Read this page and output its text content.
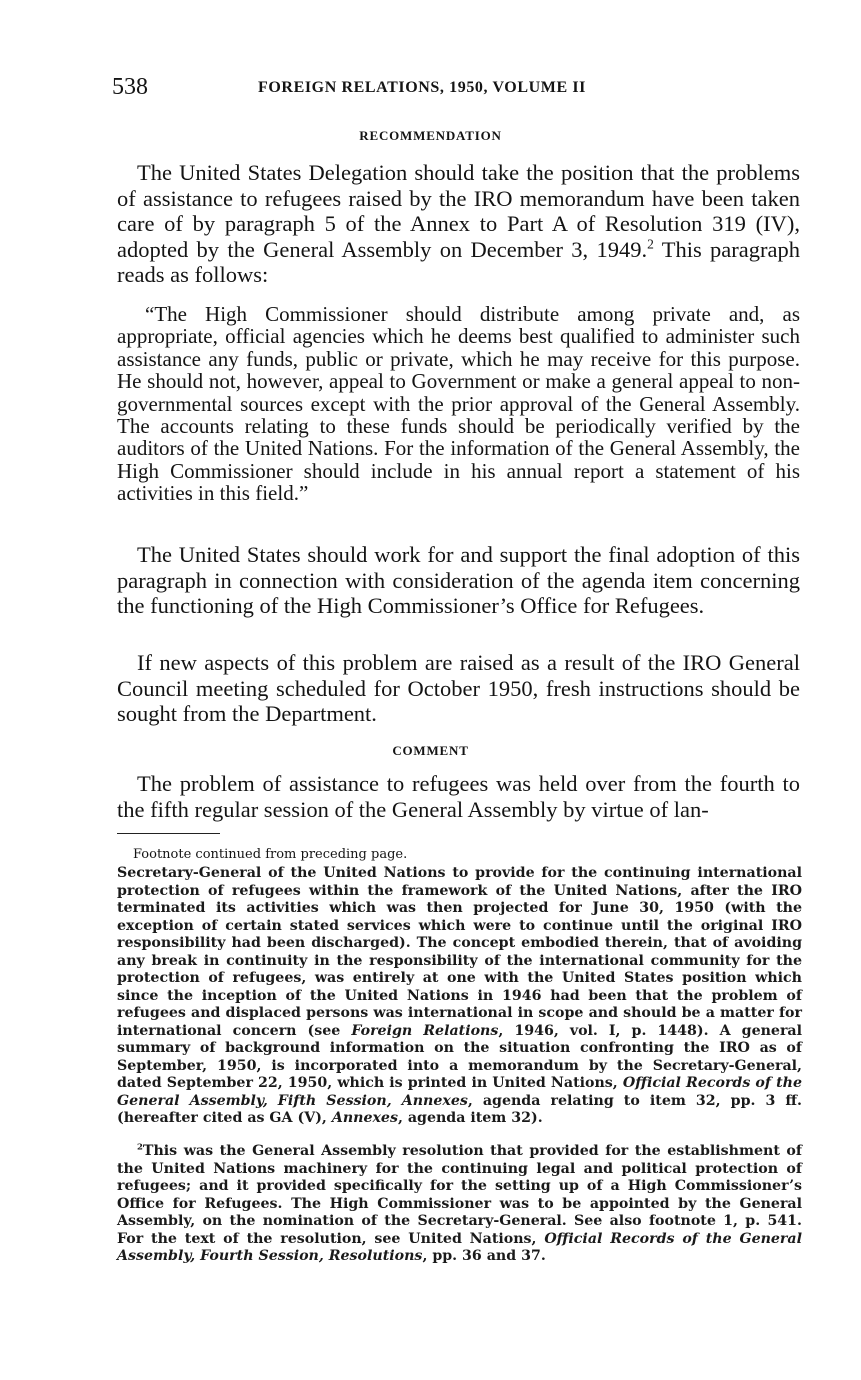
538	FOREIGN RELATIONS, 1950, VOLUME II
RECOMMENDATION

The United States Delegation should take the position that the problems of assistance to refugees raised by the IRO memorandum have been taken care of by paragraph 5 of the Annex to Part A of Resolution 319 (IV), adopted by the General Assembly on December 3, 1949.$^2$ This paragraph reads as follows:

“The High Commissioner should distribute among private and, as appropriate, official agencies which he deems best qualified to administer such assistance any funds, public or private, which he may receive for this purpose. He should not, however, appeal to Government or make a general appeal to non-governmental sources except with the prior approval of the General Assembly. The accounts relating to these funds should be periodically verified by the auditors of the United Nations. For the information of the General Assembly, the High Commissioner should include in his annual report a statement of his activities in this field.”

The United States should work for and support the final adoption of this paragraph in connection with consideration of the agenda item concerning the functioning of the High Commissioner’s Office for Refugees.

If new aspects of this problem are raised as a result of the IRO General Council meeting scheduled for October 1950, fresh instructions should be sought from the Department.

COMMENT

The problem of assistance to refugees was held over from the fourth to the fifth regular session of the General Assembly by virtue of lan-

Footnote continued from preceding page.

Secretary-General of the United Nations to provide for the continuing international protection of refugees within the framework of the United Nations, after the IRO terminated its activities which was then projected for June 30, 1950 (with the exception of certain stated services which were to continue until the original IRO responsibility had been discharged). The concept embodied therein, that of avoiding any break in continuity in the responsibility of the international community for the protection of refugees, was entirely at one with the United States position which since the inception of the United Nations in 1946 had been that the problem of refugees and displaced persons was international in scope and should be a matter for international concern (see Foreign Relations, 1946, vol. I, p. 1448). A general summary of background information on the situation confronting the IRO as of September, 1950, is incorporated into a memorandum by the Secretary-General, dated September 22, 1950, which is printed in United Nations, Official Records of the General Assembly, Fifth Session, Annexes, agenda relating to item 32, pp. 3 ff. (hereafter cited as GA (V), Annexes, agenda item 32).

$^2$This was the General Assembly resolution that provided for the establishment of the United Nations machinery for the continuing legal and political protection of refugees; and it provided specifically for the setting up of a High Commissioner’s Office for Refugees. The High Commissioner was to be appointed by the General Assembly, on the nomination of the Secretary-General. See also footnote 1, p. 541. For the text of the resolution, see United Nations, Official Records of the General Assembly, Fourth Session, Resolutions, pp. 36 and 37.
